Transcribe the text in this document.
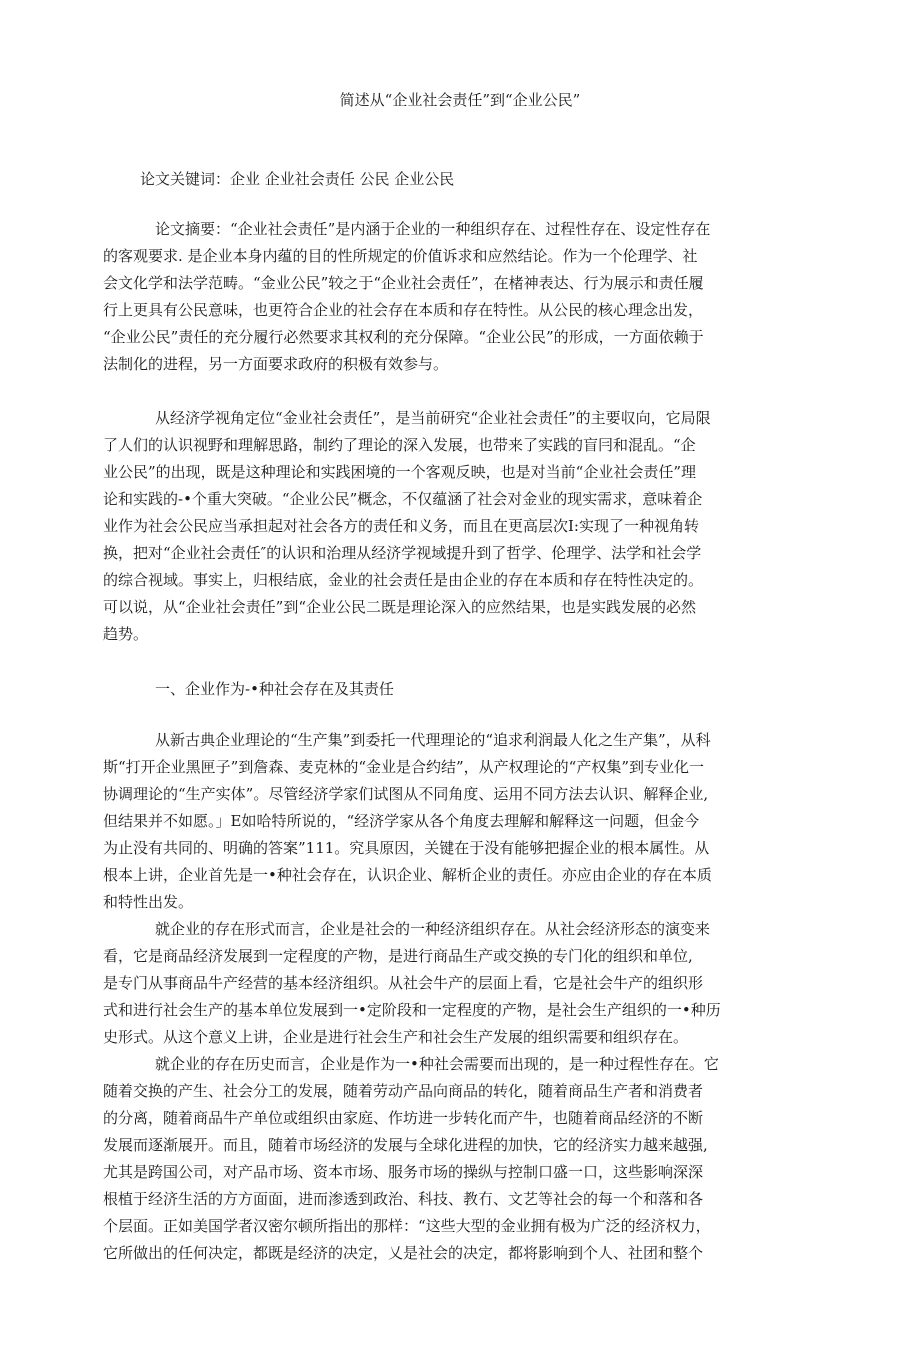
简述从“企业社会责任”到“企业公民”
论文关键词：企业 企业社会责任 公民 企业公民
论文摘要：“企业社会责任”是内涵于企业的一种组织存在、过程性存在、设定性存在
的客观要求. 是企业本身内蕴的目的性所规定的价值诉求和应然结论。作为一个伦理学、社
会文化学和法学范畴。“金业公民”较之于“企业社会责任”，在楮神表达、行为展示和责任履
行上更具有公民意味，也更符合企业的社会存在本质和存在特性。从公民的核心理念出发，
“企业公民”责任的充分履行必然要求其权利的充分保障。“企业公民”的形成，一方面依赖于
法制化的进程，另一方面要求政府的积极有效参与。
从经济学视角定位“金业社会责任”，是当前研究“企业社会责任”的主要収向，它局限
了人们的认识视野和理解思路，制约了理论的深入发展，也带来了实践的盲冃和混乱。“企
业公民”的出现，既是这种理论和实践困境的一个客观反映，也是对当前“企业社会责任”理
论和实践的-•个重大突破。“企业公民”概念，不仅蕴涵了社会对金业的现实需求，意味着企
业作为社会公民应当承担起对社会各方的责任和义务，而且在更高层次I:实现了一种视角转
换，把对“企业社会责任″的认识和治理从经济学视域提升到了哲学、伦理学、法学和社会学
的综合视域。事实上，归根结底，金业的社会责任是由企业的存在本质和存在特性决定的。
可以说，从“企业社会责任”到“企业公民二既是理论深入的应然结果，也是实践发展的必然
趋势。
一、企业作为-•种社会存在及其责任
从新古典企业理论的“生产集”到委托一代理理论的“追求利润最人化之生产集”，从科
斯“打开企业黑匣子”到詹森、麦克林的“金业是合约结”，从产权理论的“产权集”到专业化一
协调理论的“生产实体”。尽管经济学家们试图从不同角度、运用不同方法去认识、解释企业,
但结果并不如愿。」E如哈特所说的，“经济学家从各个角度去理解和解释这一问题，但金今
为止没有共同的、明确的答案”111。究具原因，关键在于没有能够把握企业的根本属性。从
根本上讲，企业首先是一•种社会存在，认识企业、解析企业的责任。亦应由企业的存在本质
和特性出发。
就企业的存在形式而言，企业是社会的一种经济组织存在。从社会经济形态的演变来
看，它是商品经济发展到一定程度的产物，是进行商品生产或交换的专门化的组织和单位,
是专门从事商品牛产经营的基本经济组织。从社会牛产的层面上看，它是社会牛产的组织形
式和进行社会生产的基本单位发展到一•定阶段和一定程度的产物，是社会生产组织的一•种历
史形式。从这个意义上讲，企业是进行社会生产和社会生产发展的组织需要和组织存在。
就企业的存在历史而言，企业是作为一•种社会需要而出现的，是一种过程性存在。它
随着交换的产生、社会分工的发展，随着劳动产品向商品的转化，随着商品生产者和消费者
的分离，随着商品牛产单位或组织由家庭、作坊进一步转化而产牛，也随着商品经济的不断
发展而逐渐展开。而且，随着市场经济的发展与全球化进程的加快，它的经济实力越来越强,
尤其是跨国公司，对产品市场、资本市场、服务市场的操纵与控制口盛一口，这些影响深深
根植于经济生活的方方面面，进而渗透到政治、科技、教冇、文艺等社会的每一个和落和各
个层面。正如美国学者汉密尔顿所指出的那样：“这些大型的金业拥有极为广泛的经济权力，
它所做出的任何决定，都既是经济的决定，乂是社会的决定，都将影响到个人、社团和整个
